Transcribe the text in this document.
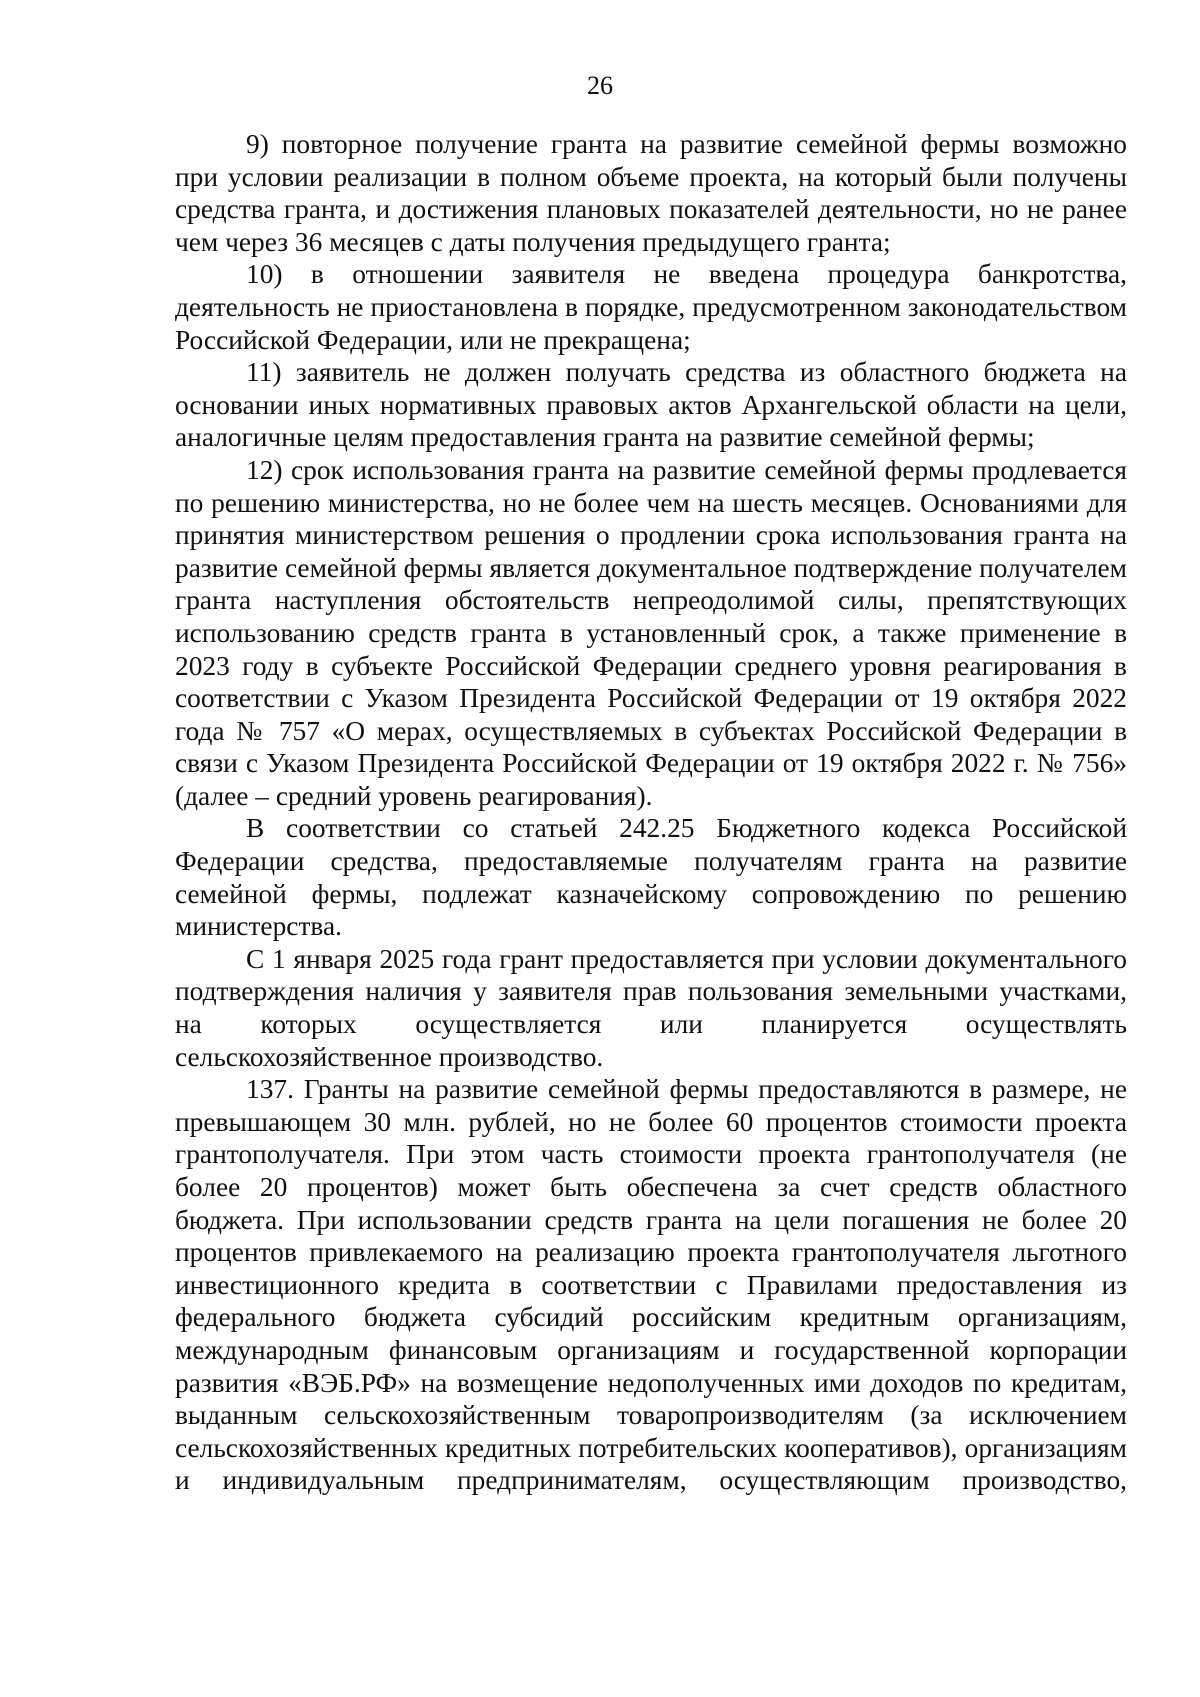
26

9) повторное получение гранта на развитие семейной фермы возможно при условии реализации в полном объеме проекта, на который были получены средства гранта, и достижения плановых показателей деятельности, но не ранее чем через 36 месяцев с даты получения предыдущего гранта;

10) в отношении заявителя не введена процедура банкротства, деятельность не приостановлена в порядке, предусмотренном законодательством Российской Федерации, или не прекращена;

11) заявитель не должен получать средства из областного бюджета на основании иных нормативных правовых актов Архангельской области на цели, аналогичные целям предоставления гранта на развитие семейной фермы;

12) срок использования гранта на развитие семейной фермы продлевается по решению министерства, но не более чем на шесть месяцев. Основаниями для принятия министерством решения о продлении срока использования гранта на развитие семейной фермы является документальное подтверждение получателем гранта наступления обстоятельств непреодолимой силы, препятствующих использованию средств гранта в установленный срок, а также применение в 2023 году в субъекте Российской Федерации среднего уровня реагирования в соответствии с Указом Президента Российской Федерации от 19 октября 2022 года № 757 «О мерах, осуществляемых в субъектах Российской Федерации в связи с Указом Президента Российской Федерации от 19 октября 2022 г. № 756» (далее – средний уровень реагирования).

В соответствии со статьей 242.25 Бюджетного кодекса Российской Федерации средства, предоставляемые получателям гранта на развитие семейной фермы, подлежат казначейскому сопровождению по решению министерства.

С 1 января 2025 года грант предоставляется при условии документального подтверждения наличия у заявителя прав пользования земельными участками, на которых осуществляется или планируется осуществлять сельскохозяйственное производство.

137. Гранты на развитие семейной фермы предоставляются в размере, не превышающем 30 млн. рублей, но не более 60 процентов стоимости проекта грантополучателя. При этом часть стоимости проекта грантополучателя (не более 20 процентов) может быть обеспечена за счет средств областного бюджета. При использовании средств гранта на цели погашения не более 20 процентов привлекаемого на реализацию проекта грантополучателя льготного инвестиционного кредита в соответствии с Правилами предоставления из федерального бюджета субсидий российским кредитным организациям, международным финансовым организациям и государственной корпорации развития «ВЭБ.РФ» на возмещение недополученных ими доходов по кредитам, выданным сельскохозяйственным товаропроизводителям (за исключением сельскохозяйственных кредитных потребительских кооперативов), организациям и индивидуальным предпринимателям, осуществляющим производство,
